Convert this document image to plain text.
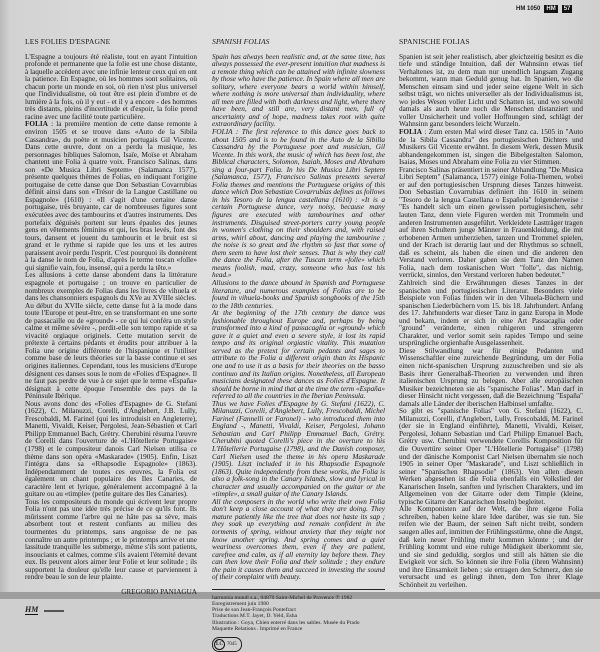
HM 1050	HM	57
LES FOLIES D'ESPAGNE

L'Espagne a toujours été réaliste, tout en ayant l'intuition profonde et permanente que la folie est une chose distante, à laquelle accèdent avec une infinie lenteur ceux qui en ont la patience. En Espagne, où les hommes sont solitaires, où chacun porte un monde en soi, où rien n'est plus universel que l'individualisme, où tout être est plein d'ombre et de lumière à la fois, où il y eut - et il y a encore - des hommes très distants, pleins d'incertitude et d'espoir, la folie prend racine avec une facilité toute particulière.

FOLIA : la première mention de cette danse remonte à environ 1505 et se trouve dans «Auto de la Sibila Cassandra», du poète et musicien portugais Gil Vicente. Dans cette œuvre, dont on a perdu la musique, les personnages bibliques Salomon, Isaïe, Moïse et Abraham chantent une Folia à quatre voix. Francisco Salinas, dans son «De Musica Libri Septem» (Salamanca 1577), présente quelques thèmes de Folias, en indiquant l'origine portugaise de cette danse que Don Sebastian Covarrubias définit ainsi dans son «Trésor de la Langue Castillane ou Espagnole» (1610) : «Il s'agit d'une certaine danse portugaise, très bruyante, car de nombreuses figures sont exécutées avec des tambourins et d'autres instruments. Des portefaix déguisés portent sur leurs épaules des jeunes gens en vêtements féminins et qui, les bras levés, font des tours, dansent et jouent du tambourin et le bruit est si grand et le rythme si rapide que les uns et les autres paraissent avoir perdu l'esprit. C'est pourquoi ils donnèrent à la danse le nom de Folia, d'après le terme toscan «folle» qui signifie vain, fou, insensé, qui a perdu la tête.»

Les allusions à cette danse abondent dans la littérature espagnole et portugaise ; on trouve en particulier de nombreux exemples de Folias dans les livres de vihuela et dans les chansonniers espagnols du XVe au XVIIIe siècles.

Au début du XVIIe siècle, cette danse fut à la mode dans toute l'Europe et peut-être, en se transformant en une sorte de passacaille ou de «ground» - ce qui lui conféra un style calme et même sévère -, perdit-elle son tempo rapide et sa vivacité orgiaque originels. Cette mutation servit de prétexte à certains pédants et érudits pour attribuer à la Folia une origine différente de l'hispanique et l'utiliser comme base de leurs théories sur la basse continue et ses origines italiennes. Cependant, tous les musiciens d'Europe désignent ces danses sous le nom de «Folies d'Espagne». Il ne faut pas perdre de vue à ce sujet que le terme «España» désignait à cette époque l'ensemble des pays de la Péninsule Ibérique.

Nous avons donc des «Folies d'Espagne» de G. Stefani (1622), C. Milanuzzi, Corelli, d'Anglebert, J.B. Lully, Frescobaldi, M. Farinel (qui les introduisit en Angleterre), Manetti, Vivaldi, Keiser, Pergolesi, Jean-Sébastien et Carl Philipp Emmanuel Bach, Grétry. Cherubini résuma l'œuvre de Corelli dans l'ouverture de «L'Hôtellerie Portugaise» (1798) et le compositeur danois Carl Nielsen utilisa ce thème dans son opéra «Maskarade» (1905). Enfin, Liszt l'intégra dans sa «Rhapsodie Espagnole» (1863). Indépendamment de toutes ces œuvres, la Folia est également un chant populaire des Iles Canaries, de caractère lent et lyrique, généralement accompagné à la guitare ou au «timple» (petite guitare des Iles Canaries).

Tous les compositeurs du monde qui écrivent leur propre Folia n'ont pas une idée très précise de ce qu'ils font. Ils mûrissent comme l'arbre qui ne hâte pas sa sève, mais absorbent tout et restent confiants au milieu des tourmentes du printemps, sans angoisse de ne pas connaître un autre printemps ; et le printemps arrive et une lassitude tranquille les submerge, même s'ils sont patients, insouciants et calmes, comme s'ils avaient l'éternité devant eux. Ils peuvent alors aimer leur Folie et leur solitude ; ils supportent la douleur qu'elle leur cause et parviennent à rendre beau le son de leur plainte.

GREGORIO PANIAGUA
HM
SPANISH FOLIAS

Spain has always been realistic and, at the same time, has always possessed the ever-present intuition that madness is a remote thing which can be attained with infinite slowness by those who have the patience. In Spain where all men are solitary, where everyone bears a world within himself, where nothing is more universal than individuality, where all men are filled with both darkness and light, where there have been, and still are, very distant men, full of uncertainty and of hope, madness takes root with quite extraordinary facility.

FOLIA : The first reference to this dance goes back to about 1505 and is to be found in the Auto de la Sibilla Cassandra by the Portuguese poet and musician, Gil Vicente. In this work, the music of which has been lost, the Biblical characters, Solomon, Isaiah, Moses and Abraham sing a four-part Folia. In his De Musica Libri Septem (Salamanca, 1577), Francisco Salinas presents several Folia themes and mentions the Portuguese origins of this dance which Don Sebastian Covarrubias defines as follows in his Tesoro de la lengua castellana (1610) : «It is a certain Portuguese dance, very noisy, because many figures are executed with tambourines and other instruments. Disguised street-porters carry young people in women's clothing on their shoulders and, with raised arms, whirl about, dancing and playing the tambourine ; the noise is so great and the rhythm so fast that some of them seem to have lost their senses. That is why they call the dance the Folia, after the Tuscan term «folle» which means foolish, mad, crazy, someone who has lost his head.»

Allusions to the dance abound in Spanish and Portuguese literature, and numerous examples of Folias are to be found in vihuela-books and Spanish songbooks of the 15th to the 18th centuries.

At the beginning of the 17th century the dance was fashionable throughout Europe and, perhaps by being transformed into a kind of passacaglia or «ground» which gave it a quiet and even a severe style, it lost its rapid tempo and its original orgiastic vitality. This mutation served as the pretext for certain pedants and sages to attribute to the Folia a different origin than its Hispanic one and to use it as a basis for their theories on the basso continuo and its Italian origins. Nonetheless, all European musicians designated these dances as Folies d'Espagne. It should be borne in mind that at the time the term «España» referred to all the countries in the Iberian Peninsula.

Thus we have Folies d'Espagne by G. Stefani (1622), C. Milanuzzi, Corelli, d'Anglebert, Lully, Frescobaldi, Michel Farinel (Fannelli or Faronel) - who introduced them into England -, Manetti, Vivaldi, Keiser, Pergolesi, Johann Sebastian and Carl Philipp Emmanuel Bach, Grétry. Cherubini quoted Corelli's piece in the overture to his L'Hôtellerie Portugaise (1798), and the Danish composer, Carl Nielsen used the theme in his opera Maskarade (1905). Liszt included it in his Rhapsodie Espagnole (1863). Quite independently from these works, the Folia is also a folk-song in the Canary Islands, slow and lyrical in character and usually accompanied on the guitar or the «timple», a small guitar of the Canary Islands.

All the composers in the world who write their own Folia don't keep a close account of what they are doing. They mature patiently like the tree that does not haste its sap ; they soak up everything and remain confident in the torments of spring, without anxiety that they might not know another spring. And spring comes and a quiet weariness overcomes them, even if they are patient, carefree and calm, as if all eternity lay before them. They can then love their Folia and their solitude ; they endure the pain it causes them and succeed in investing the sound of their complaint with beauty.

harmonia mundi s.a., 04870 Saint-Michel de Provence ℗ 1982
Enregistrement juin 1980
Prise de son Jean-François Pontefract
Traductions M.T. Jayet, D. Yeld, Esha
Illustration : Goya, Chien enterré dans les sables. Musée du Prado
Maquette Relations . Imprimé en France
LC 7045
SPANISCHE FOLIAS

Spanien ist seit jeher realistisch, aber gleichzeitig besitzt es die tiefe und ständige Intuition, daß der Wahnsinn etwas tief Verhaltenes ist, zu dem man nur unendlich langsam Zugang bekommt, wann man Geduld genug hat. In Spanien, wo die Menschen einsam sind und jeder seine eigene Welt in sich selbst trägt, wo nichts universeller als der Individualismus ist, wo jedes Wesen voller Licht und Schatten ist, und wo sowohl damals als auch heute noch die Menschen distanziert und voller Unsicherheit und voller Hoffnungen sind, schlägt der Wahnsinn ganz besonders leicht Wurzeln.

FOLIA : Zum ersten Mal wird dieser Tanz ca. 1505 in "Auto de la Sibila Cassandra" des portugiesischen Dichters und Musikers Gil Vicente erwähnt. In diesem Werk, dessen Musik abhandengekommen ist, singen die Bibelgestalten Salomon, Isaias, Moses und Abraham eine Folia zu vier Stimmen.

Francisco Salinas präsentiert in seiner Abhandlung "De Musica Libri Septem" (Salamanca, 1577) einige Folia-Themen, wobei er auf den portugiesischen Ursprung dieses Tanzes hinweist. Don Sebastian Covarrubias definiert ihn 1610 in seinem "Tesoro de la lengua Castellana o Española" folgenderweise : "Es handelt sich um einen gewissen portugiesischen, sehr lauten Tanz, denn viele Figuren werden mit Trommeln und anderen Instrumenten ausgeführt. Verkleidete Lastträger tragen auf ihren Schultern junge Männer in Frauenkleidung, die mit erhobenen Armen umherziehen, tanzen und Trommel spielen, und der Krach ist derartig laut und der Rhythmus so schnell, daß es scheint, als haben die einen und die anderen den Verstand verloren. Daher gaben sie dem Tanz den Namen Folia, nach dem toskanischen Wort "folle", das nichtig, verrückt, sinnlos, den Verstand verloren haben bedeutet."

Zahlreich sind die Erwähnungen dieses Tanzes in der spanischen und portugiesischen Literatur. Besonders viele Beispiele von Folias finden wir in den Vihuela-Büchern und spanischen Liederbüchern vom 15. bis 18. Jahrhundert. Anfang des 17. Jahrhunderts war dieser Tanz in ganz Europa in Mode und bekam, indem er sich in eine Art Passacaglia oder "ground" veränderte, einen ruhigeren und strengeren Charakter, und verlor somit sein rapides Tempo und seine ursprüngliche orgienhafte Ausgelassenheit.

Diese Stilwandlung war für einige Pedanten und Wissenschaftler eine zureichende Begründung, um der Folia einen nicht-spanischen Ursprung zuzuschreiben und sie als Basis ihrer Generalbaß-Theorien zu verwenden und ihren italienischen Ursprung zu belegen. Aber alle europäischen Musiker bezeichneten sie als "spanische Folias". Man darf in dieser Hinsicht nicht vergessen, daß die Bezeichnung "España" damals alle Länder der iberischen Halbinsel umfaßte.

So gibt es "spanische Folias" von G. Stefani (1622), C. Milanuzzi, Corelli, d'Anglebert, Lully, Frescobaldi, M. Farinel (der sie in England einführte), Manetti, Vivaldi, Keiser, Pergolesi, Johann Sebastian und Carl Philipp Emanuel Bach, Grétry usw. Cherubini verwendete Corellis Komposition für die Ouvertüre seiner Oper "L'Hôtellerie Portugaise" (1798) und der dänische Komponist Carl Nielsen übernahm sie noch 1905 in seiner Oper "Maskarade", und Liszt schließlich in seiner "Spanischen Rhapsodie" (1863). Von allen diesen Werken abgesehen ist die Folia ebenfalls ein Volkslied der Kanarischen Inseln, sanften und lyrischen Charakters, und im Allgemeinen von der Gitarre oder dem Timple (kleine, typische Gitarre der Kanarischen Inseln) begleitet.

Alle Komponisten auf der Welt, die ihre eigene Folia schreiben, haben keine klare Idee darüber, was sie tun. Sie reifen wie der Baum, der seinen Saft nicht treibt, sondern saugen alles auf, inmitten der Frühlingsstürme, ohne die Angst, daß kein neuer Frühling mehr kommen könnte ; und der Frühling kommt und eine ruhige Müdigkeit überkommt sie, und sie sind geduldig, sorglos und still als hätten sie die Ewigkeit vor sich. So können sie ihre Folia (ihren Wahnsinn) und ihre Einsamkeit lieben ; sie ertragen den Schmerz, den sie verursacht und es gelingt ihnen, dem Ton ihrer Klage Schönheit zu verleihen.
